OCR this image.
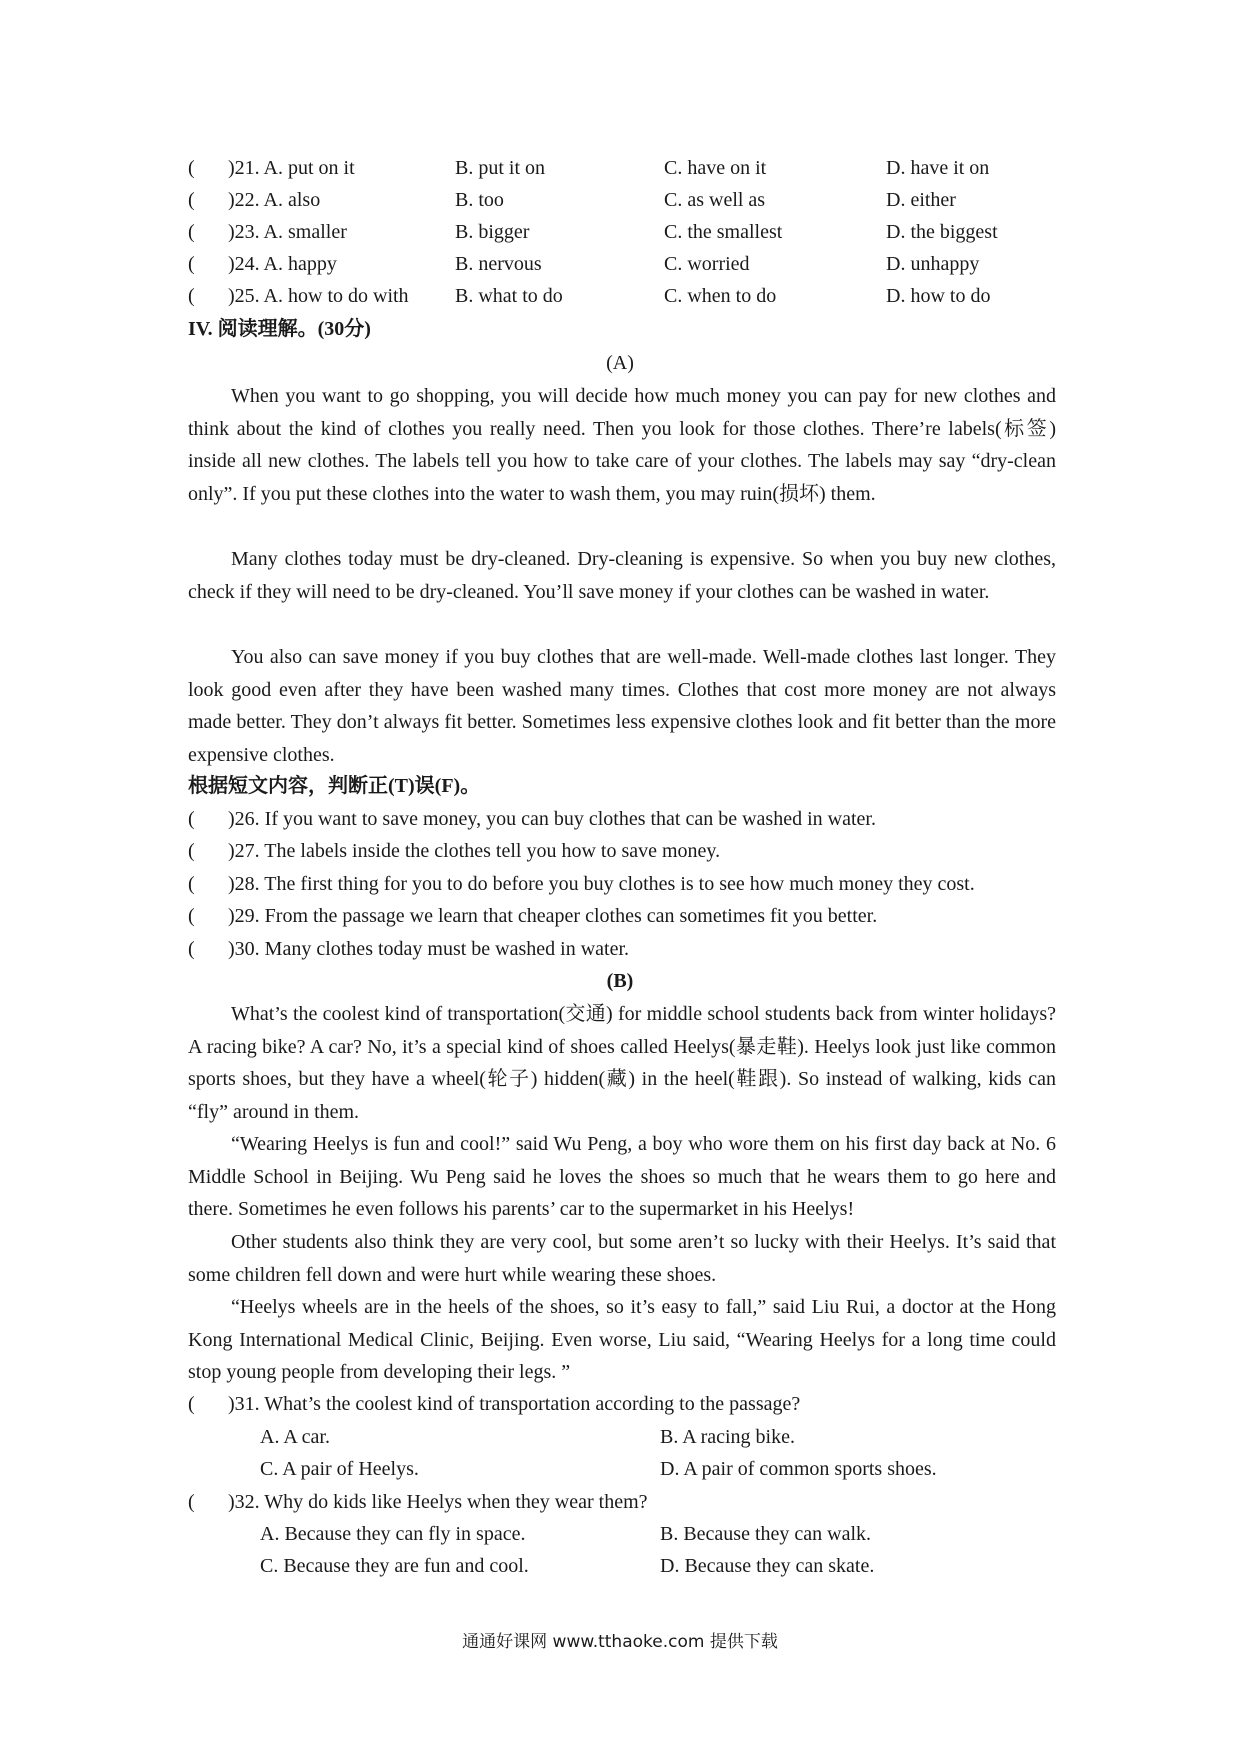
( )21. A. put on it	B. put it on	C. have on it	D. have it on
( )22. A. also	B. too	C. as well as	D. either
( )23. A. smaller	B. bigger	C. the smallest	D. the biggest
( )24. A. happy	B. nervous	C. worried	D. unhappy
( )25. A. how to do with B. what to do	C. when to do	D. how to do
IV. 阅读理解。(30分)
(A)

When you want to go shopping, you will decide how much money you can pay for new clothes and think about the kind of clothes you really need. Then you look for those clothes. There’re labels(标签) inside all new clothes. The labels tell you how to take care of your clothes. The labels may say “dry-clean only”. If you put these clothes into the water to wash them, you may ruin(损坏) them.

Many clothes today must be dry-cleaned. Dry-cleaning is expensive. So when you buy new clothes, check if they will need to be dry-cleaned. You’ll save money if your clothes can be washed in water.

You also can save money if you buy clothes that are well-made. Well-made clothes last longer. They look good even after they have been washed many times. Clothes that cost more money are not always made better. They don’t always fit better. Sometimes less expensive clothes look and fit better than the more expensive clothes.

根据短文内容，判断正(T)误(F)。
( )26. If you want to save money, you can buy clothes that can be washed in water.
( )27. The labels inside the clothes tell you how to save money.
( )28. The first thing for you to do before you buy clothes is to see how much money they cost.
( )29. From the passage we learn that cheaper clothes can sometimes fit you better.
( )30. Many clothes today must be washed in water.
(B)

What’s the coolest kind of transportation(交通) for middle school students back from winter holidays? A racing bike? A car? No, it’s a special kind of shoes called Heelys(暴走鞋). Heelys look just like common sports shoes, but they have a wheel(轮子) hidden(藏) in the heel(鞋跟). So instead of walking, kids can “fly” around in them.

“Wearing Heelys is fun and cool!” said Wu Peng, a boy who wore them on his first day back at No. 6 Middle School in Beijing. Wu Peng said he loves the shoes so much that he wears them to go here and there. Sometimes he even follows his parents’ car to the supermarket in his Heelys!

Other students also think they are very cool, but some aren’t so lucky with their Heelys. It’s said that some children fell down and were hurt while wearing these shoes.

“Heelys wheels are in the heels of the shoes, so it’s easy to fall,” said Liu Rui, a doctor at the Hong Kong International Medical Clinic, Beijing. Even worse, Liu said, “Wearing Heelys for a long time could stop young people from developing their legs. ”

( )31. What’s the coolest kind of transportation according to the passage?
A. A car.	B. A racing bike.
C. A pair of Heelys.	D. A pair of common sports shoes.
( )32. Why do kids like Heelys when they wear them?
A. Because they can fly in space.	B. Because they can walk.
C. Because they are fun and cool.	D. Because they can skate.
通通好课网 www.tthaoke.com 提供下载
